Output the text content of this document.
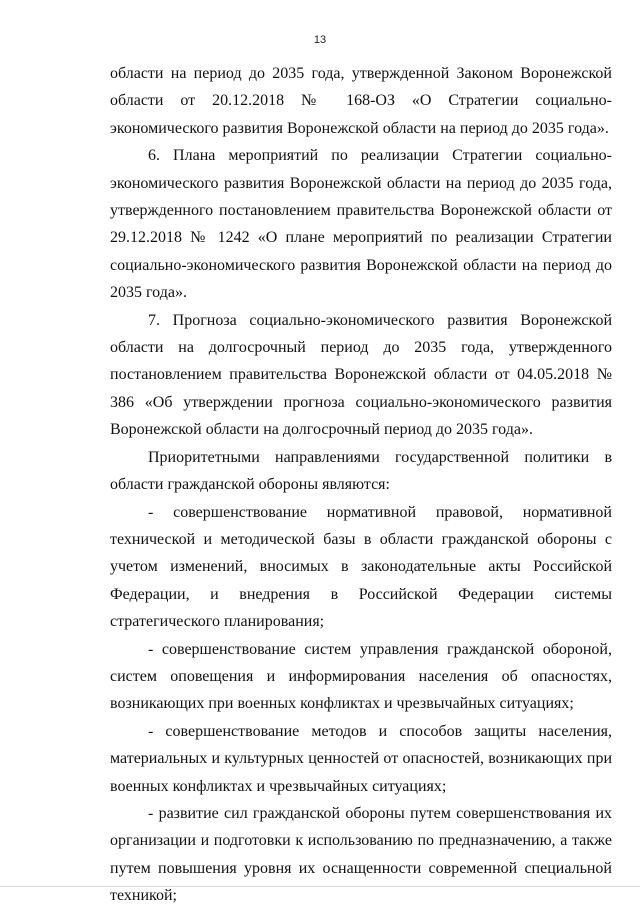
13

области на период до 2035 года, утвержденной Законом Воронежской области от 20.12.2018 № 168-ОЗ «О Стратегии социально-экономического развития Воронежской области на период до 2035 года».

6. Плана мероприятий по реализации Стратегии социально-экономического развития Воронежской области на период до 2035 года, утвержденного постановлением правительства Воронежской области от 29.12.2018 № 1242 «О плане мероприятий по реализации Стратегии социально-экономического развития Воронежской области на период до 2035 года».

7. Прогноза социально-экономического развития Воронежской области на долгосрочный период до 2035 года, утвержденного постановлением правительства Воронежской области от 04.05.2018 № 386 «Об утверждении прогноза социально-экономического развития Воронежской области на долгосрочный период до 2035 года».

Приоритетными направлениями государственной политики в области гражданской обороны являются:

- совершенствование нормативной правовой, нормативной технической и методической базы в области гражданской обороны с учетом изменений, вносимых в законодательные акты Российской Федерации, и внедрения в Российской Федерации системы стратегического планирования;

- совершенствование систем управления гражданской обороной, систем оповещения и информирования населения об опасностях, возникающих при военных конфликтах и чрезвычайных ситуациях;

- совершенствование методов и способов защиты населения, материальных и культурных ценностей от опасностей, возникающих при военных конфликтах и чрезвычайных ситуациях;

- развитие сил гражданской обороны путем совершенствования их организации и подготовки к использованию по предназначению, а также путем повышения уровня их оснащенности современной специальной техникой;
